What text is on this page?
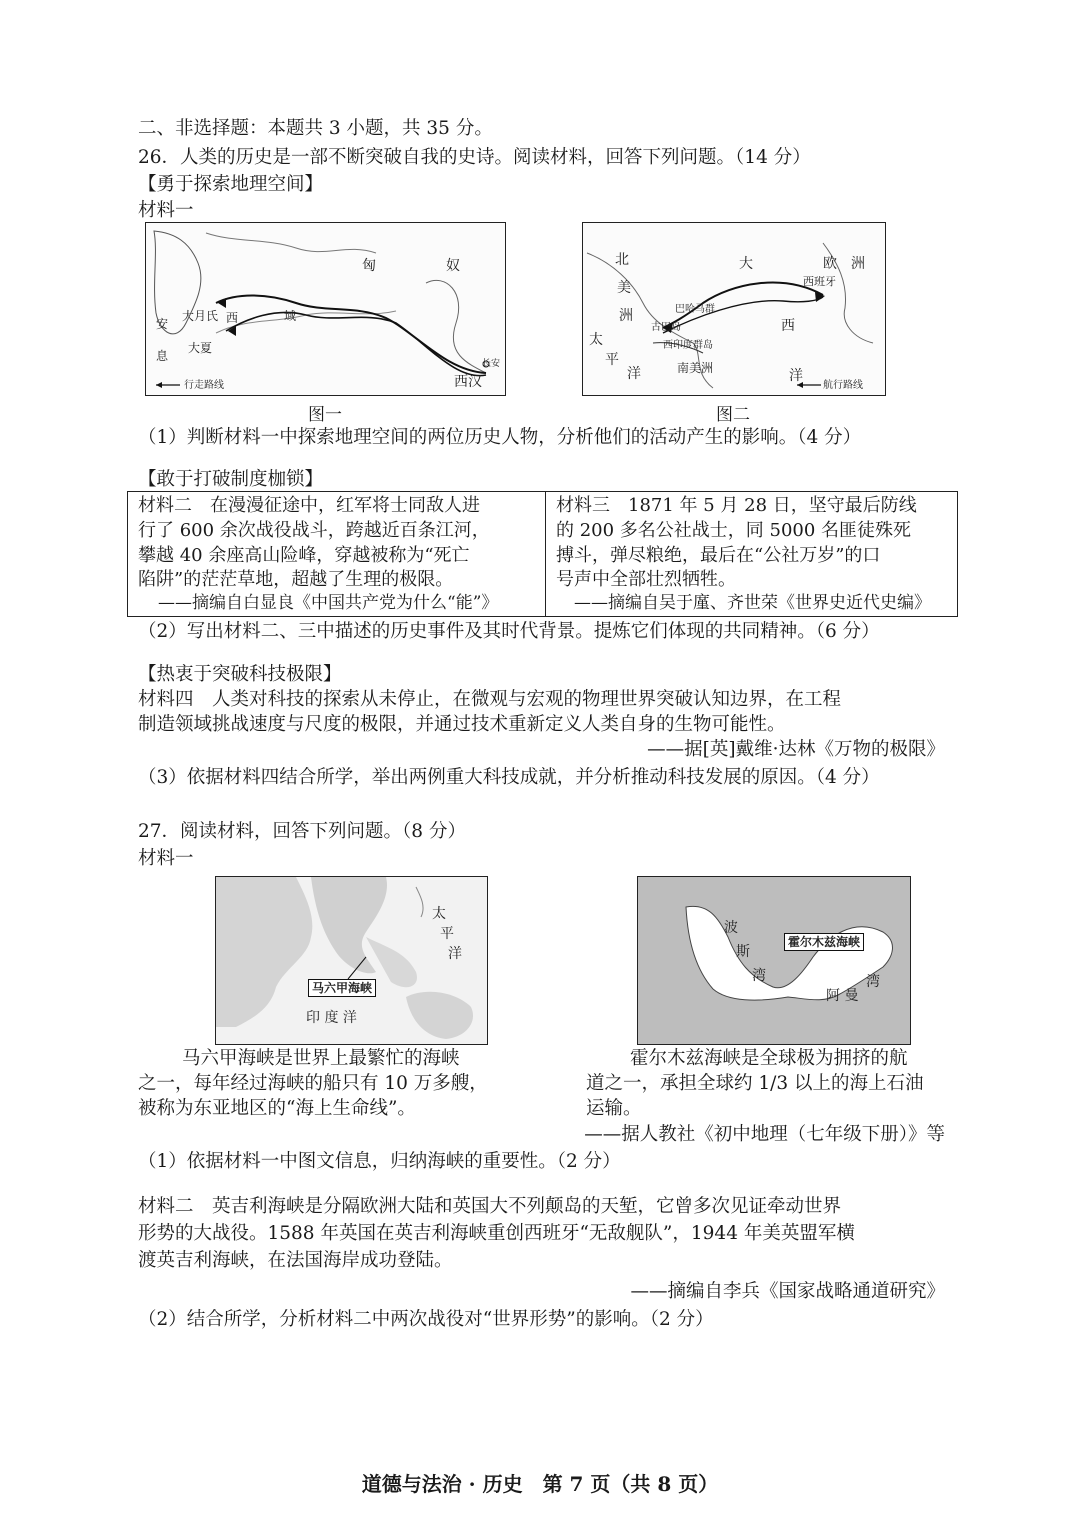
二、非选择题：本题共 3 小题，共 35 分。
26．人类的历史是一部不断突破自我的史诗。阅读材料，回答下列问题。（14 分）
【勇于探索地理空间】
材料一
匈	奴
西
大月氏
安
息
大夏
域
长安
西汉
行走路线
图一
北
美
洲
大	欧 洲
西班牙
巴哈马群
古巴岛
西印度群岛
西
太
平
洋	南美洲	洋
航行路线
图二
（1）判断材料一中探索地理空间的两位历史人物，分析他们的活动产生的影响。（4 分）
【敢于打破制度枷锁】
材料二　在漫漫征途中，红军将士同敌人进
行了 600 余次战役战斗，跨越近百条江河，
攀越 40 余座高山险峰，穿越被称为“死亡
陷阱”的茫茫草地，超越了生理的极限。
——摘编自白显良《中国共产党为什么“能”》
材料三　1871 年 5 月 28 日，坚守最后防线
的 200 多名公社战士，同 5000 名匪徒殊死
搏斗，弹尽粮绝，最后在“公社万岁”的口
号声中全部壮烈牺牲。
——摘编自吴于廑、齐世荣《世界史近代史编》
（2）写出材料二、三中描述的历史事件及其时代背景。提炼它们体现的共同精神。（6 分）
【热衷于突破科技极限】
材料四　人类对科技的探索从未停止，在微观与宏观的物理世界突破认知边界，在工程
制造领域挑战速度与尺度的极限，并通过技术重新定义人类自身的生物可能性。
——据[英]戴维·达林《万物的极限》
（3）依据材料四结合所学，举出两例重大科技成就，并分析推动科技发展的原因。（4 分）
27．阅读材料，回答下列问题。（8 分）
材料一
太
平
洋
马六甲海峡
印 度 洋
波
斯
湾
霍尔木兹海峡
阿 曼
湾
马六甲海峡是世界上最繁忙的海峡
之一，每年经过海峡的船只有 10 万多艘，
被称为东亚地区的“海上生命线”。
霍尔木兹海峡是全球极为拥挤的航
道之一，承担全球约 1/3 以上的海上石油
运输。
——据人教社《初中地理（七年级下册）》等
（1）依据材料一中图文信息，归纳海峡的重要性。（2 分）
材料二　英吉利海峡是分隔欧洲大陆和英国大不列颠岛的天堑，它曾多次见证牵动世界
形势的大战役。1588 年英国在英吉利海峡重创西班牙“无敌舰队”，1944 年美英盟军横
渡英吉利海峡，在法国海岸成功登陆。
——摘编自李兵《国家战略通道研究》
（2）结合所学，分析材料二中两次战役对“世界形势”的影响。（2 分）
道德与法治 · 历史　第 7 页（共 8 页）
